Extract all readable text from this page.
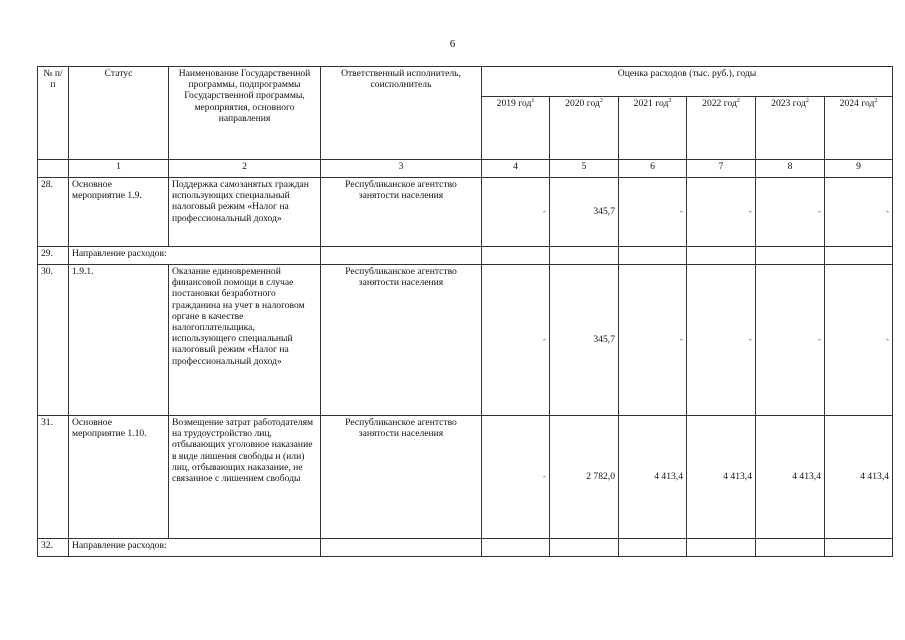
6
№ п/п	Статус	Наименование Государственной программы, подпрограммы Государственной программы, мероприятия, основного направления	Ответственный исполнитель, соисполнитель	Оценка расходов (тыс. руб.), годы					
				2019 год$^1$	2020 год$^2$	2021 год$^2$	2022 год$^2$	2023 год$^2$	2024 год$^2$
	1	2	3	4	5	6	7	8	9
28.	Основное мероприятие 1.9.	Поддержка самозанятых граждан использующих специальный налоговый режим «Налог на профессиональный доход»	Республиканское агентство занятости населения	-	345,7	-	-	-	-
29.	Направление расходов:								
30.	1.9.1.	Оказание единовременной финансовой помощи в случае постановки безработного гражданина на учет в налоговом органе в качестве налогоплательщика, использующего специальный налоговый режим «Налог на профессиональный доход»	Республиканское агентство занятости населения	-	345,7	-	-	-	-
31.	Основное мероприятие 1.10.	Возмещение затрат работодателям на трудоустройство лиц, отбывающих уголовное наказание в виде лишения свободы и (или) лиц, отбывающих наказание, не связанное с лишением свободы	Республиканское агентство занятости населения	-	2 782,0	4 413,4	4 413,4	4 413,4	4 413,4
32.	Направление расходов:								
